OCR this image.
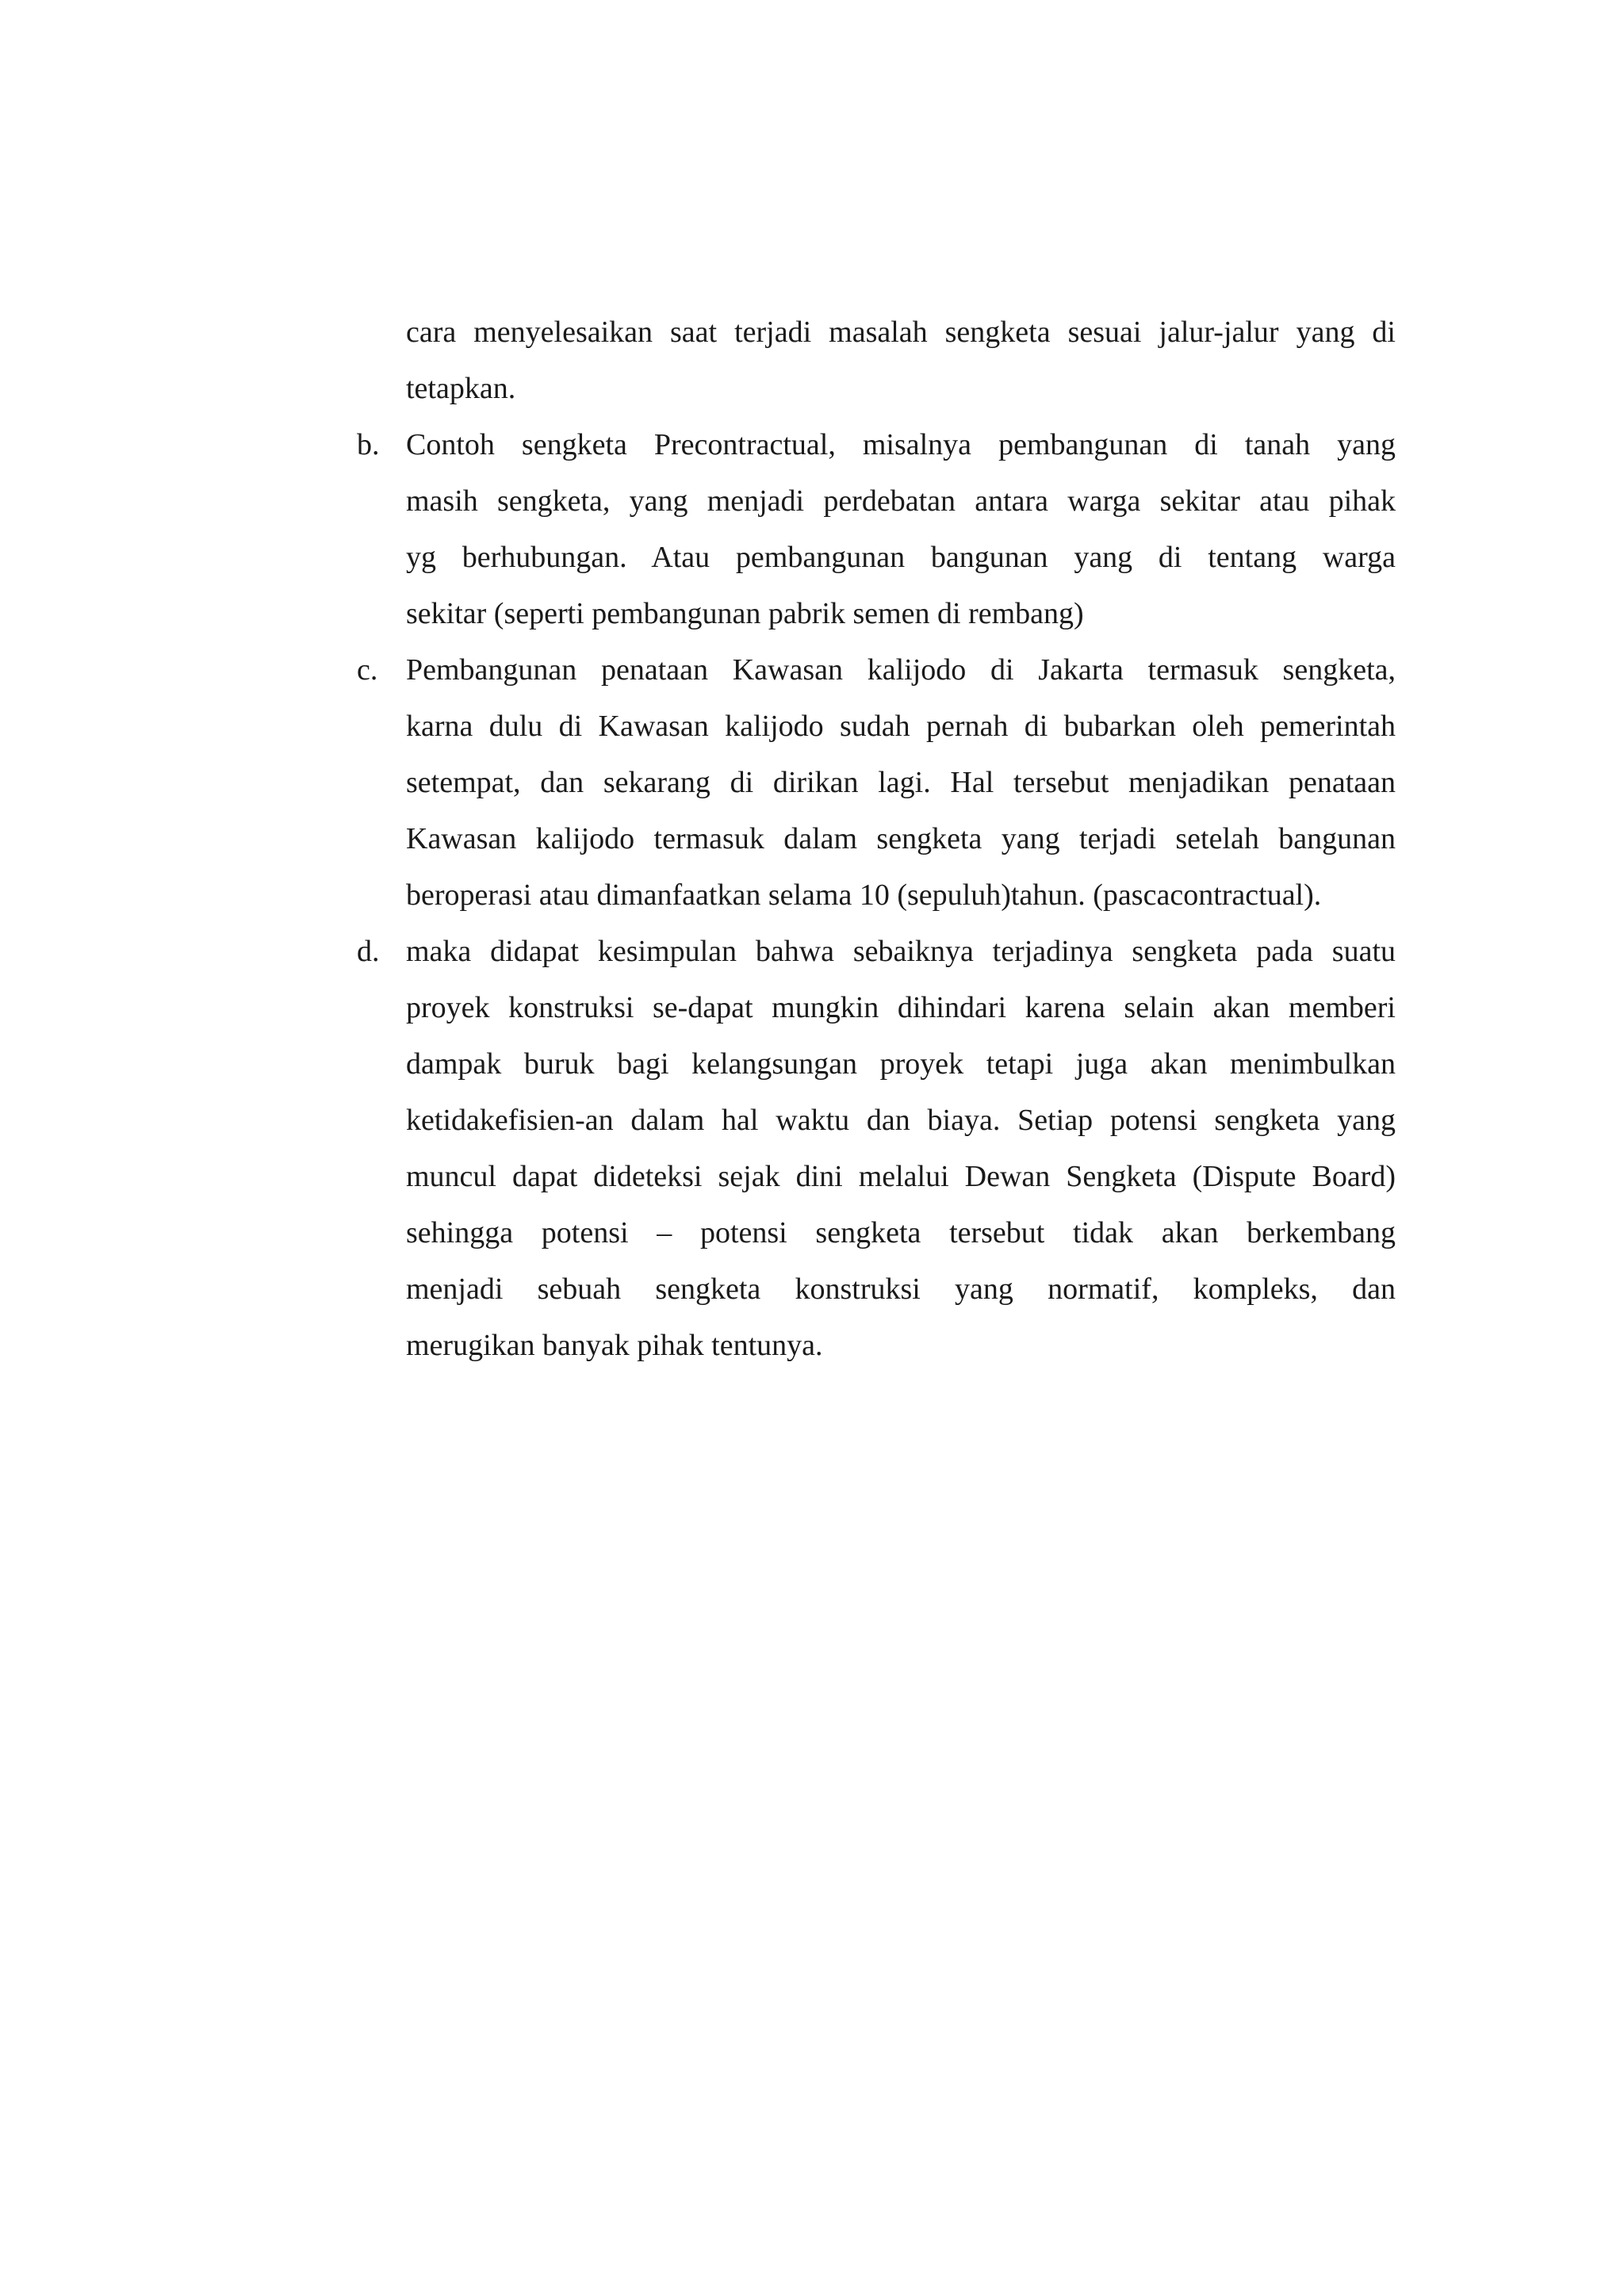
cara menyelesaikan saat terjadi masalah sengketa sesuai jalur-jalur yang di
tetapkan.
b. Contoh sengketa Precontractual, misalnya pembangunan di tanah yang
masih sengketa, yang menjadi perdebatan antara warga sekitar atau pihak
yg berhubungan. Atau pembangunan bangunan yang di tentang warga
sekitar (seperti pembangunan pabrik semen di rembang)
c. Pembangunan penataan Kawasan kalijodo di Jakarta termasuk sengketa,
karna dulu di Kawasan kalijodo sudah pernah di bubarkan oleh pemerintah
setempat, dan sekarang di dirikan lagi. Hal tersebut menjadikan penataan
Kawasan kalijodo termasuk dalam sengketa yang terjadi setelah bangunan
beroperasi atau dimanfaatkan selama 10 (sepuluh)tahun. (pascacontractual).
d. maka didapat kesimpulan bahwa sebaiknya terjadinya sengketa pada suatu
proyek konstruksi se-dapat mungkin dihindari karena selain akan memberi
dampak buruk bagi kelangsungan proyek tetapi juga akan menimbulkan
ketidakefisien-an dalam hal waktu dan biaya. Setiap potensi sengketa yang
muncul dapat dideteksi sejak dini melalui Dewan Sengketa (Dispute Board)
sehingga potensi – potensi sengketa tersebut tidak akan berkembang
menjadi sebuah sengketa konstruksi yang normatif, kompleks, dan
merugikan banyak pihak tentunya.
